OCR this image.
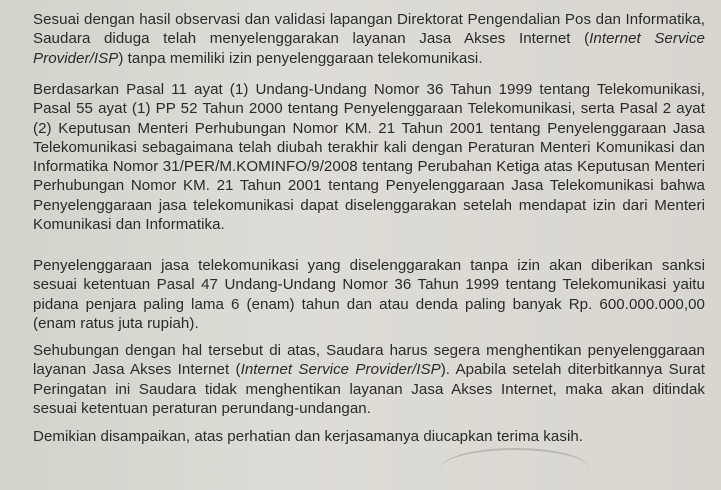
Sesuai dengan hasil observasi dan validasi lapangan Direktorat Pengendalian Pos dan Informatika, Saudara diduga telah menyelenggarakan layanan Jasa Akses Internet (Internet Service Provider/ISP) tanpa memiliki izin penyelenggaraan telekomunikasi.

Berdasarkan Pasal 11 ayat (1) Undang-Undang Nomor 36 Tahun 1999 tentang Telekomunikasi, Pasal 55 ayat (1) PP 52 Tahun 2000 tentang Penyelenggaraan Telekomunikasi, serta Pasal 2 ayat (2) Keputusan Menteri Perhubungan Nomor KM. 21 Tahun 2001 tentang Penyelenggaraan Jasa Telekomunikasi sebagaimana telah diubah terakhir kali dengan Peraturan Menteri Komunikasi dan Informatika Nomor 31/PER/M.KOMINFO/9/2008 tentang Perubahan Ketiga atas Keputusan Menteri Perhubungan Nomor KM. 21 Tahun 2001 tentang Penyelenggaraan Jasa Telekomunikasi bahwa Penyelenggaraan jasa telekomunikasi dapat diselenggarakan setelah mendapat izin dari Menteri Komunikasi dan Informatika.

Penyelenggaraan jasa telekomunikasi yang diselenggarakan tanpa izin akan diberikan sanksi sesuai ketentuan Pasal 47 Undang-Undang Nomor 36 Tahun 1999 tentang Telekomunikasi yaitu pidana penjara paling lama 6 (enam) tahun dan atau denda paling banyak Rp. 600.000.000,00 (enam ratus juta rupiah).

Sehubungan dengan hal tersebut di atas, Saudara harus segera menghentikan penyelenggaraan layanan Jasa Akses Internet (Internet Service Provider/ISP). Apabila setelah diterbitkannya Surat Peringatan ini Saudara tidak menghentikan layanan Jasa Akses Internet, maka akan ditindak sesuai ketentuan peraturan perundang-undangan.

Demikian disampaikan, atas perhatian dan kerjasamanya diucapkan terima kasih.
